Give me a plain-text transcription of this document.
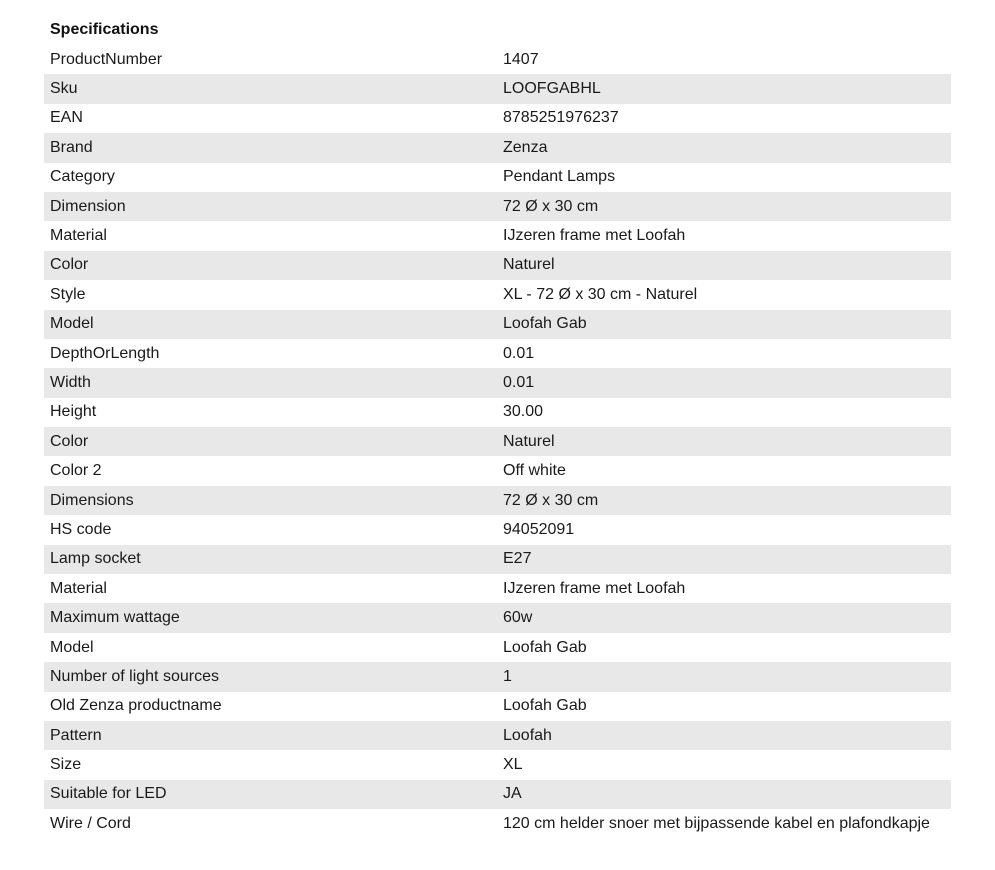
Specifications
ProductNumber	1407
Sku	LOOFGABHL
EAN	8785251976237
Brand	Zenza
Category	Pendant Lamps
Dimension	72 Ø x 30 cm
Material	IJzeren frame met Loofah
Color	Naturel
Style	XL - 72 Ø x 30 cm - Naturel
Model	Loofah Gab
DepthOrLength	0.01
Width	0.01
Height	30.00
Color	Naturel
Color 2	Off white
Dimensions	72 Ø x 30 cm
HS code	94052091
Lamp socket	E27
Material	IJzeren frame met Loofah
Maximum wattage	60w
Model	Loofah Gab
Number of light sources	1
Old Zenza productname	Loofah Gab
Pattern	Loofah
Size	XL
Suitable for LED	JA
Wire / Cord	120 cm helder snoer met bijpassende kabel en plafondkapje
